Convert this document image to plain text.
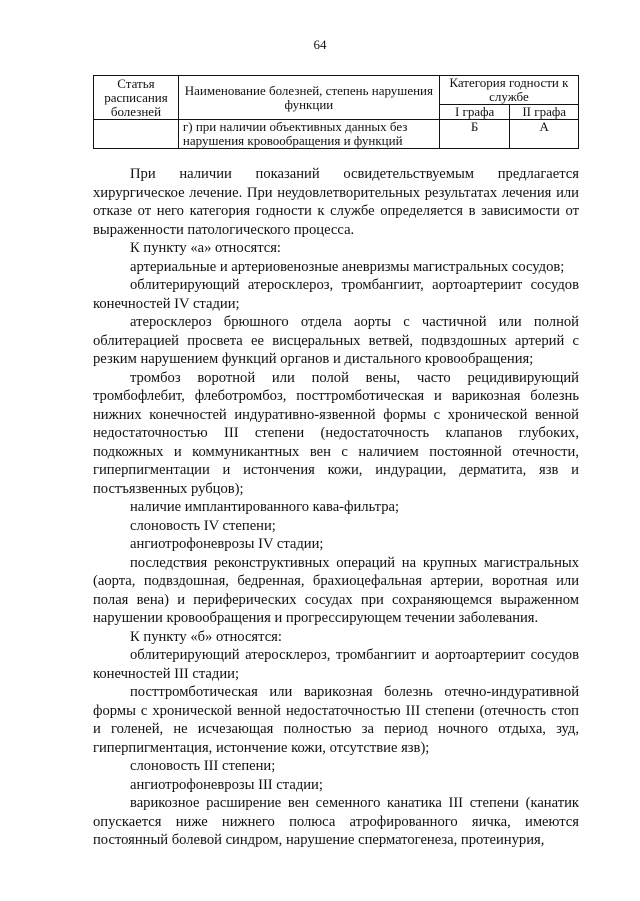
64
Статья расписания болезней	Наименование болезней, степень нарушения функции	Категория годности к службе	
		I графа	II графа
	г) при наличии объективных данных без нарушения кровообращения и функций	Б	А

При наличии показаний освидетельствуемым предлагается хирургическое лечение. При неудовлетворительных результатах лечения или отказе от него категория годности к службе определяется в зависимости от выраженности патологического процесса.

К пункту «а» относятся:

артериальные и артериовенозные аневризмы магистральных сосудов;

облитерирующий атеросклероз, тромбангиит, аортоартериит сосудов конечностей IV стадии;

атеросклероз брюшного отдела аорты с частичной или полной облитерацией просвета ее висцеральных ветвей, подвздошных артерий с резким нарушением функций органов и дистального кровообращения;

тромбоз воротной или полой вены, часто рецидивирующий тромбофлебит, флеботромбоз, посттромботическая и варикозная болезнь нижних конечностей индуративно-язвенной формы с хронической венной недостаточностью III степени (недостаточность клапанов глубоких, подкожных и коммуникантных вен с наличием постоянной отечности, гиперпигментации и истончения кожи, индурации, дерматита, язв и постъязвенных рубцов);

наличие имплантированного кава-фильтра;

слоновость IV степени;

ангиотрофоневрозы IV стадии;

последствия реконструктивных операций на крупных магистральных (аорта, подвздошная, бедренная, брахиоцефальная артерии, воротная или полая вена) и периферических сосудах при сохраняющемся выраженном нарушении кровообращения и прогрессирующем течении заболевания.

К пункту «б» относятся:

облитерирующий атеросклероз, тромбангиит и аортоартериит сосудов конечностей III стадии;

посттромботическая или варикозная болезнь отечно-индуративной формы с хронической венной недостаточностью III степени (отечность стоп и голеней, не исчезающая полностью за период ночного отдыха, зуд, гиперпигментация, истончение кожи, отсутствие язв);

слоновость III степени;

ангиотрофоневрозы III стадии;

варикозное расширение вен семенного канатика III степени (канатик опускается ниже нижнего полюса атрофированного яичка, имеются постоянный болевой синдром, нарушение сперматогенеза, протеинурия,
